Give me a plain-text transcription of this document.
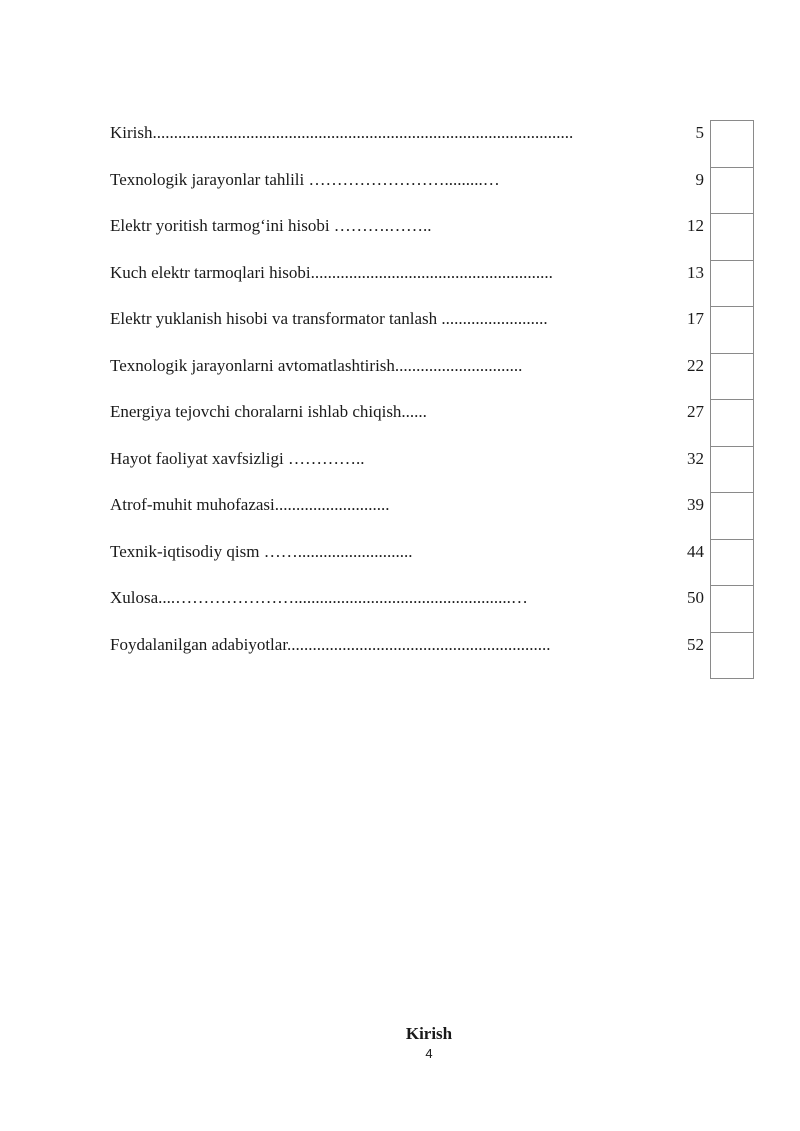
Kirish...................................................................................................	5
Texnologik jarayonlar tahlili …………………….........…	9
Elektr yoritish tarmog‘ini hisobi ……….……..	12
Kuch elektr tarmoqlari hisobi.........................................................	13
Elektr yuklanish hisobi va transformator tanlash .........................	17
Texnologik jarayonlarni avtomatlashtirish..............................	22
Energiya tejovchi choralarni ishlab chiqish......	27
Hayot faoliyat xavfsizligi …………..	32
Atrof-muhit muhofazasi...........................	39
Texnik-iqtisodiy qism ……...........................	44
Xulosa....…………………...................................................…	50
Foydalanilgan adabiyotlar..............................................................	52
Kirish
4
